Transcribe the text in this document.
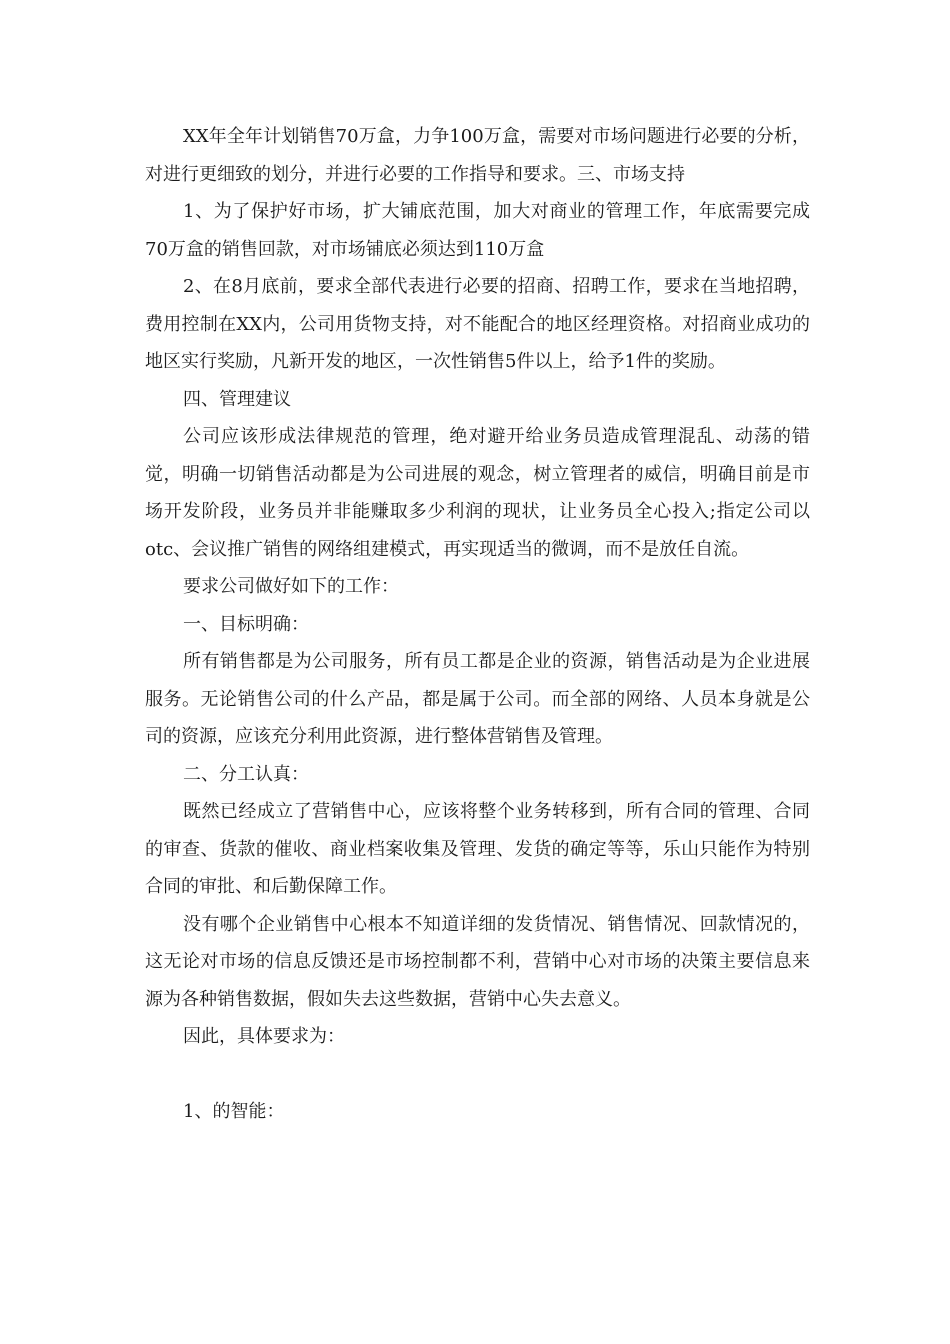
XX年全年计划销售70万盒，力争100万盒，需要对市场问题进行必要的分析，对进行更细致的划分，并进行必要的工作指导和要求。三、市场支持

1、为了保护好市场，扩大铺底范围，加大对商业的管理工作，年底需要完成70万盒的销售回款，对市场铺底必须达到110万盒

2、在8月底前，要求全部代表进行必要的招商、招聘工作，要求在当地招聘，费用控制在XX内，公司用货物支持，对不能配合的地区经理资格。对招商业成功的地区实行奖励，凡新开发的地区，一次性销售5件以上，给予1件的奖励。

四、管理建议

公司应该形成法律规范的管理，绝对避开给业务员造成管理混乱、动荡的错觉，明确一切销售活动都是为公司进展的观念，树立管理者的威信，明确目前是市场开发阶段，业务员并非能赚取多少利润的现状，让业务员全心投入;指定公司以otc、会议推广销售的网络组建模式，再实现适当的微调，而不是放任自流。

要求公司做好如下的工作：

一、目标明确：

所有销售都是为公司服务，所有员工都是企业的资源，销售活动是为企业进展服务。无论销售公司的什么产品，都是属于公司。而全部的网络、人员本身就是公司的资源，应该充分利用此资源，进行整体营销售及管理。

二、分工认真：

既然已经成立了营销售中心，应该将整个业务转移到，所有合同的管理、合同的审查、货款的催收、商业档案收集及管理、发货的确定等等，乐山只能作为特别合同的审批、和后勤保障工作。

没有哪个企业销售中心根本不知道详细的发货情况、销售情况、回款情况的，这无论对市场的信息反馈还是市场控制都不利，营销中心对市场的决策主要信息来源为各种销售数据，假如失去这些数据，营销中心失去意义。

因此，具体要求为：

1、的智能：
